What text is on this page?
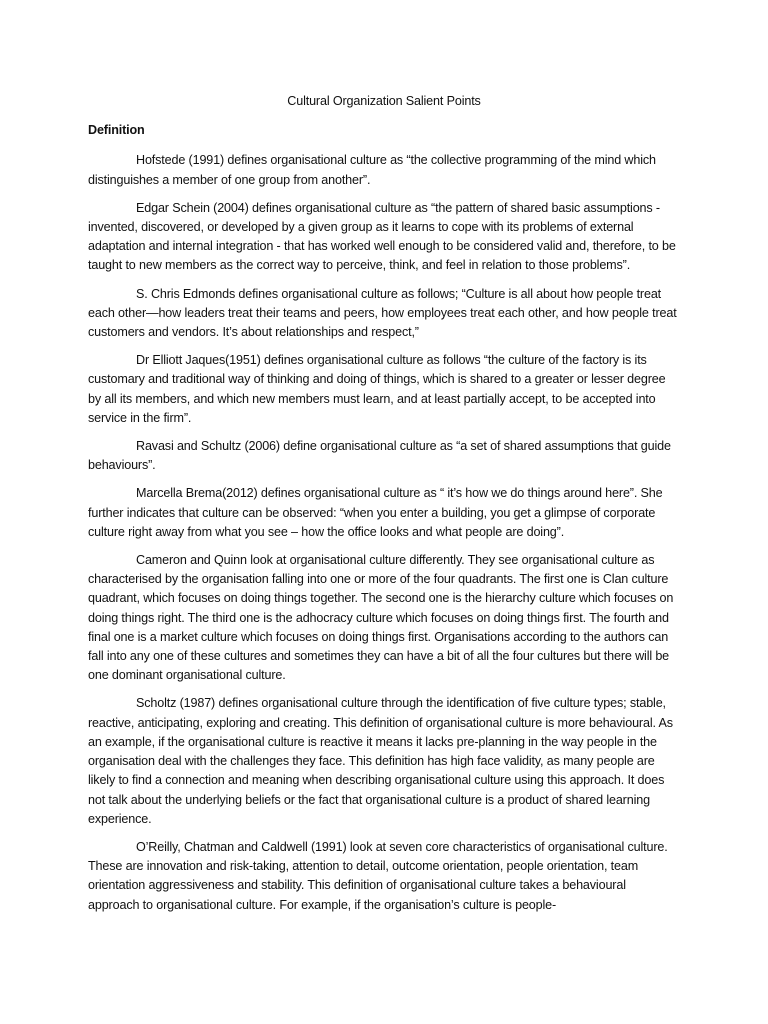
Cultural Organization Salient Points
Definition

Hofstede (1991) defines organisational culture as “the collective programming of the mind which distinguishes a member of one group from another”.

Edgar Schein (2004) defines organisational culture as “the pattern of shared basic assumptions - invented, discovered, or developed by a given group as it learns to cope with its problems of external adaptation and internal integration - that has worked well enough to be considered valid and, therefore, to be taught to new members as the correct way to perceive, think, and feel in relation to those problems”.

S. Chris Edmonds defines organisational culture as follows; “Culture is all about how people treat each other—how leaders treat their teams and peers, how employees treat each other, and how people treat customers and vendors. It’s about relationships and respect,”

Dr Elliott Jaques(1951) defines organisational culture as follows “the culture of the factory is its customary and traditional way of thinking and doing of things, which is shared to a greater or lesser degree by all its members, and which new members must learn, and at least partially accept, to be accepted into service in the firm”.

Ravasi and Schultz (2006) define organisational culture as “a set of shared assumptions that guide behaviours”.

Marcella Brema(2012) defines organisational culture as “ it’s how we do things around here”. She further indicates that culture can be observed: “when you enter a building, you get a glimpse of corporate culture right away from what you see – how the office looks and what people are doing”.

Cameron and Quinn look at organisational culture differently. They see organisational culture as characterised by the organisation falling into one or more of the four quadrants. The first one is Clan culture quadrant, which focuses on doing things together. The second one is the hierarchy culture which focuses on doing things right. The third one is the adhocracy culture which focuses on doing things first. The fourth and final one is a market culture which focuses on doing things first. Organisations according to the authors can fall into any one of these cultures and sometimes they can have a bit of all the four cultures but there will be one dominant organisational culture.

Scholtz (1987) defines organisational culture through the identification of five culture types; stable, reactive, anticipating, exploring and creating. This definition of organisational culture is more behavioural. As an example, if the organisational culture is reactive it means it lacks pre-planning in the way people in the organisation deal with the challenges they face. This definition has high face validity, as many people are likely to find a connection and meaning when describing organisational culture using this approach. It does not talk about the underlying beliefs or the fact that organisational culture is a product of shared learning experience.

O’Reilly, Chatman and Caldwell (1991) look at seven core characteristics of organisational culture. These are innovation and risk-taking, attention to detail, outcome orientation, people orientation, team orientation aggressiveness and stability. This definition of organisational culture takes a behavioural approach to organisational culture. For example, if the organisation’s culture is people-
